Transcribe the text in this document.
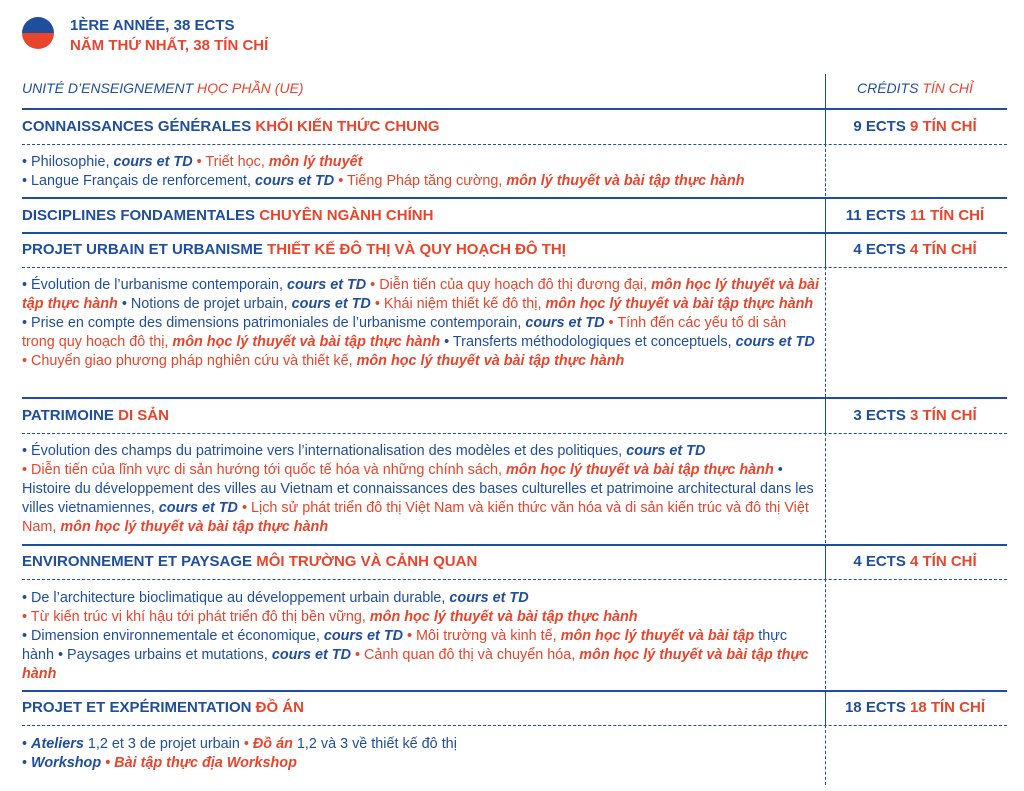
1ÈRE ANNÉE, 38 ECTS
NĂM THỨ NHẤT, 38 TÍN CHỈ
UNITÉ D’ENSEIGNEMENT HỌC PHẦN (UE)	CRÉDITS TÍN CHỈ
CONNAISSANCES GÉNÉRALES KHỐI KIẾN THỨC CHUNG	9 ECTS 9 TÍN CHỈ

• Philosophie, cours et TD • Triết học, môn lý thuyết

• Langue Français de renforcement, cours et TD • Tiếng Pháp tăng cường, môn lý thuyết và bài tập thực hành

DISCIPLINES FONDAMENTALES CHUYÊN NGÀNH CHÍNH	11 ECTS 11 TÍN CHỈ
PROJET URBAIN ET URBANISME THIẾT KẾ ĐÔ THỊ VÀ QUY HOẠCH ĐÔ THỊ	4 ECTS 4 TÍN CHỈ

• Évolution de l’urbanisme contemporain, cours et TD • Diễn tiến của quy hoạch đô thị đương đại, môn học lý thuyết và bài tập thực hành • Notions de projet urbain, cours et TD • Khái niệm thiết kế đô thị, môn học lý thuyết và bài tập thực hành • Prise en compte des dimensions patrimoniales de l’urbanisme contemporain, cours et TD • Tính đến các yếu tố di sản trong quy hoạch đô thị, môn học lý thuyết và bài tập thực hành • Transferts méthodologiques et conceptuels, cours et TD • Chuyển giao phương pháp nghiên cứu và thiết kế, môn học lý thuyết và bài tập thực hành

PATRIMOINE DI SẢN	3 ECTS 3 TÍN CHỈ

• Évolution des champs du patrimoine vers l’internationalisation des modèles et des politiques, cours et TD

• Diễn tiến của lĩnh vực di sản hướng tới quốc tế hóa và những chính sách, môn học lý thuyết và bài tập thực hành • Histoire du développement des villes au Vietnam et connaissances des bases culturelles et patrimoine architectural dans les villes vietnamiennes, cours et TD • Lịch sử phát triển đô thị Việt Nam và kiến thức văn hóa và di sản kiến trúc và đô thị Việt Nam, môn học lý thuyết và bài tập thực hành

ENVIRONNEMENT ET PAYSAGE MÔI TRƯỜNG VÀ CẢNH QUAN	4 ECTS 4 TÍN CHỈ

• De l’architecture bioclimatique au développement urbain durable, cours et TD

• Từ kiến trúc vi khí hậu tới phát triển đô thị bền vững, môn học lý thuyết và bài tập thực hành

• Dimension environnementale et économique, cours et TD • Môi trường và kinh tế, môn học lý thuyết và bài tập thực hành • Paysages urbains et mutations, cours et TD • Cảnh quan đô thị và chuyển hóa, môn học lý thuyết và bài tập thực hành

PROJET ET EXPÉRIMENTATION ĐỒ ÁN	18 ECTS 18 TÍN CHỈ

• Ateliers 1,2 et 3 de projet urbain • Đồ án 1,2 và 3 về thiết kế đô thị

• Workshop • Bài tập thực địa Workshop
